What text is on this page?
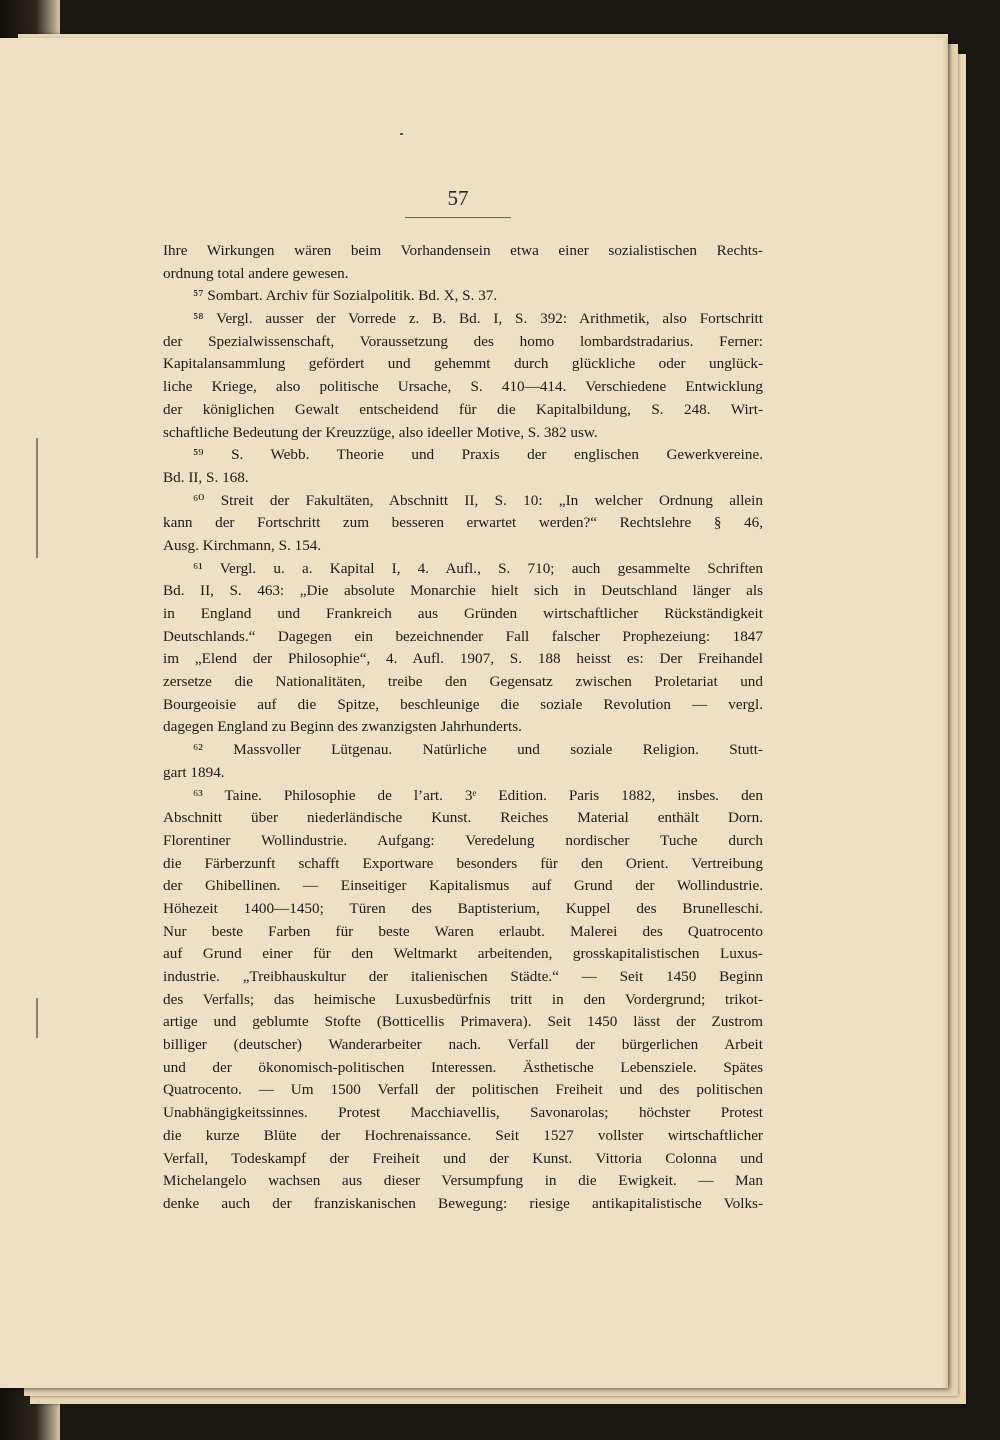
57
Ihre Wirkungen wären beim Vorhandensein etwa einer sozialistischen Rechts-
ordnung total andere gewesen.
⁵⁷ Sombart. Archiv für Sozialpolitik. Bd. X, S. 37.
⁵⁸ Vergl. ausser der Vorrede z. B. Bd. I, S. 392: Arithmetik, also Fortschritt
der Spezialwissenschaft, Voraussetzung des homo lombardstradarius. Ferner:
Kapitalansammlung gefördert und gehemmt durch glückliche oder unglück-
liche Kriege, also politische Ursache, S. 410—414. Verschiedene Entwicklung
der königlichen Gewalt entscheidend für die Kapitalbildung, S. 248. Wirt-
schaftliche Bedeutung der Kreuzzüge, also ideeller Motive, S. 382 usw.
⁵⁹ S. Webb. Theorie und Praxis der englischen Gewerkvereine.
Bd. II, S. 168.
⁶⁰ Streit der Fakultäten, Abschnitt II, S. 10: „In welcher Ordnung allein
kann der Fortschritt zum besseren erwartet werden?“ Rechtslehre § 46,
Ausg. Kirchmann, S. 154.
⁶¹ Vergl. u. a. Kapital I, 4. Aufl., S. 710; auch gesammelte Schriften
Bd. II, S. 463: „Die absolute Monarchie hielt sich in Deutschland länger als
in England und Frankreich aus Gründen wirtschaftlicher Rückständigkeit
Deutschlands.“ Dagegen ein bezeichnender Fall falscher Prophezeiung: 1847
im „Elend der Philosophie“, 4. Aufl. 1907, S. 188 heisst es: Der Freihandel
zersetze die Nationalitäten, treibe den Gegensatz zwischen Proletariat und
Bourgeoisie auf die Spitze, beschleunige die soziale Revolution — vergl.
dagegen England zu Beginn des zwanzigsten Jahrhunderts.
⁶² Massvoller Lütgenau. Natürliche und soziale Religion. Stutt-
gart 1894.
⁶³ Taine. Philosophie de l’art. 3ᵉ Edition. Paris 1882, insbes. den
Abschnitt über niederländische Kunst. Reiches Material enthält Dorn.
Florentiner Wollindustrie. Aufgang: Veredelung nordischer Tuche durch
die Färberzunft schafft Exportware besonders für den Orient. Vertreibung
der Ghibellinen. — Einseitiger Kapitalismus auf Grund der Wollindustrie.
Höhezeit 1400—1450; Türen des Baptisterium, Kuppel des Brunelleschi.
Nur beste Farben für beste Waren erlaubt. Malerei des Quatrocento
auf Grund einer für den Weltmarkt arbeitenden, grosskapitalistischen Luxus-
industrie. „Treibhauskultur der italienischen Städte.“ — Seit 1450 Beginn
des Verfalls; das heimische Luxusbedürfnis tritt in den Vordergrund; trikot-
artige und geblumte Stofte (Botticellis Primavera). Seit 1450 lässt der Zustrom
billiger (deutscher) Wanderarbeiter nach. Verfall der bürgerlichen Arbeit
und der ökonomisch-politischen Interessen. Ästhetische Lebensziele. Spätes
Quatrocento. — Um 1500 Verfall der politischen Freiheit und des politischen
Unabhängigkeitssinnes. Protest Macchiavellis, Savonarolas; höchster Protest
die kurze Blüte der Hochrenaissance. Seit 1527 vollster wirtschaftlicher
Verfall, Todeskampf der Freiheit und der Kunst. Vittoria Colonna und
Michelangelo wachsen aus dieser Versumpfung in die Ewigkeit. — Man
denke auch der franziskanischen Bewegung: riesige antikapitalistische Volks-
